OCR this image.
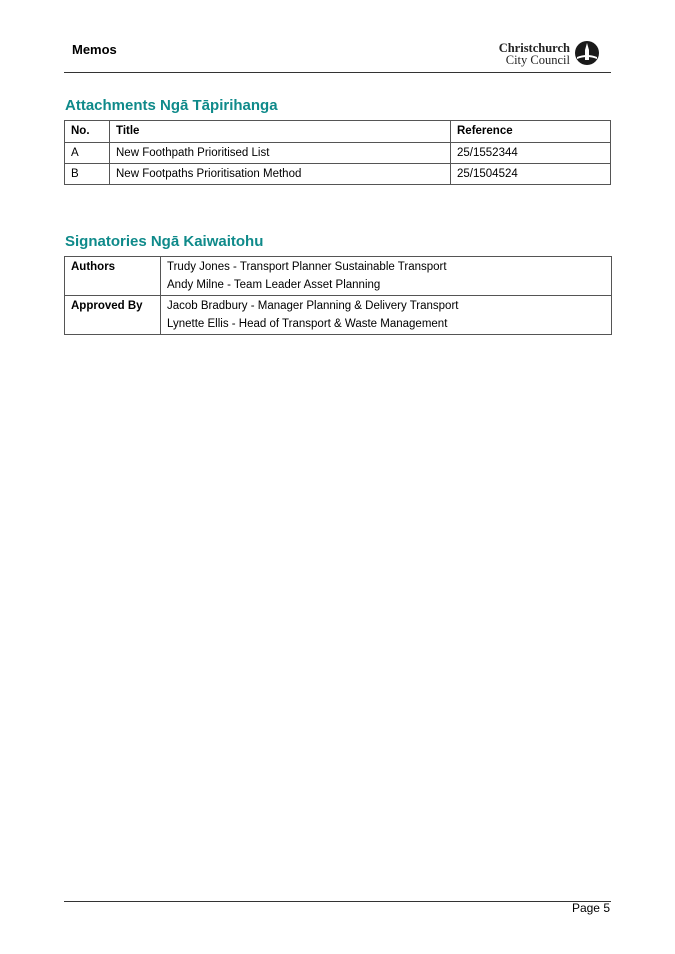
Memos	Christchurch
City Council
Attachments Ngā Tāpirihanga
No.	Title	Reference
A	New Foothpath Prioritised List	25/1552344
B	New Footpaths Prioritisation Method	25/1504524
Signatories Ngā Kaiwaitohu
Authors	Trudy Jones - Transport Planner Sustainable Transport
Andy Milne - Team Leader Asset Planning

Approved By	Jacob Bradbury - Manager Planning & Delivery Transport
Lynette Ellis - Head of Transport & Waste Management
Page 5
